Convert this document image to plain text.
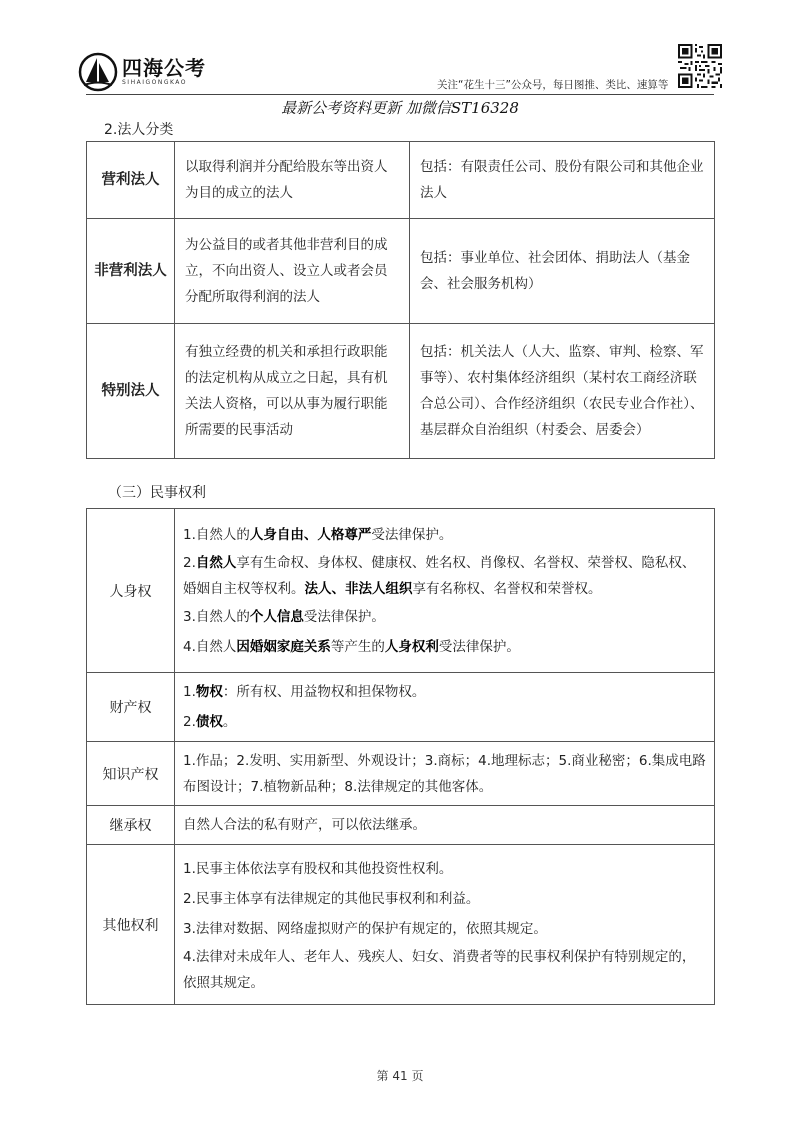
四海公考
SIHAIGONGKAO	关注“花生十三”公众号，每日图推、类比、速算等
最新公考资料更新 加微信ST16328
2.法人分类
营利法人	以取得利润并分配给股东等出资人为目的成立的法人	包括：有限责任公司、股份有限公司和其他企业法人
非营利法人	为公益目的或者其他非营利目的成立，不向出资人、设立人或者会员分配所取得利润的法人	包括：事业单位、社会团体、捐助法人（基金会、社会服务机构）
特别法人	有独立经费的机关和承担行政职能的法定机构从成立之日起，具有机关法人资格，可以从事为履行职能所需要的民事活动	包括：机关法人（人大、监察、审判、检察、军事等）、农村集体经济组织（某村农工商经济联合总公司）、合作经济组织（农民专业合作社）、基层群众自治组织（村委会、居委会）
（三）民事权利
人身权	1.自然人的人身自由、人格尊严受法律保护。
2.自然人享有生命权、身体权、健康权、姓名权、肖像权、名誉权、荣誉权、隐私权、婚姻自主权等权利。法人、非法人组织享有名称权、名誉权和荣誉权。
3.自然人的个人信息受法律保护。
4.自然人因婚姻家庭关系等产生的人身权利受法律保护。

财产权	1.物权：所有权、用益物权和担保物权。
2.债权。

知识产权	1.作品；2.发明、实用新型、外观设计；3.商标；4.地理标志；5.商业秘密；6.集成电路布图设计；7.植物新品种；8.法律规定的其他客体。

继承权	自然人合法的私有财产，可以依法继承。

其他权利	1.民事主体依法享有股权和其他投资性权利。
2.民事主体享有法律规定的其他民事权利和利益。
3.法律对数据、网络虚拟财产的保护有规定的，依照其规定。
4.法律对未成年人、老年人、残疾人、妇女、消费者等的民事权利保护有特别规定的，依照其规定。
第 41 页
